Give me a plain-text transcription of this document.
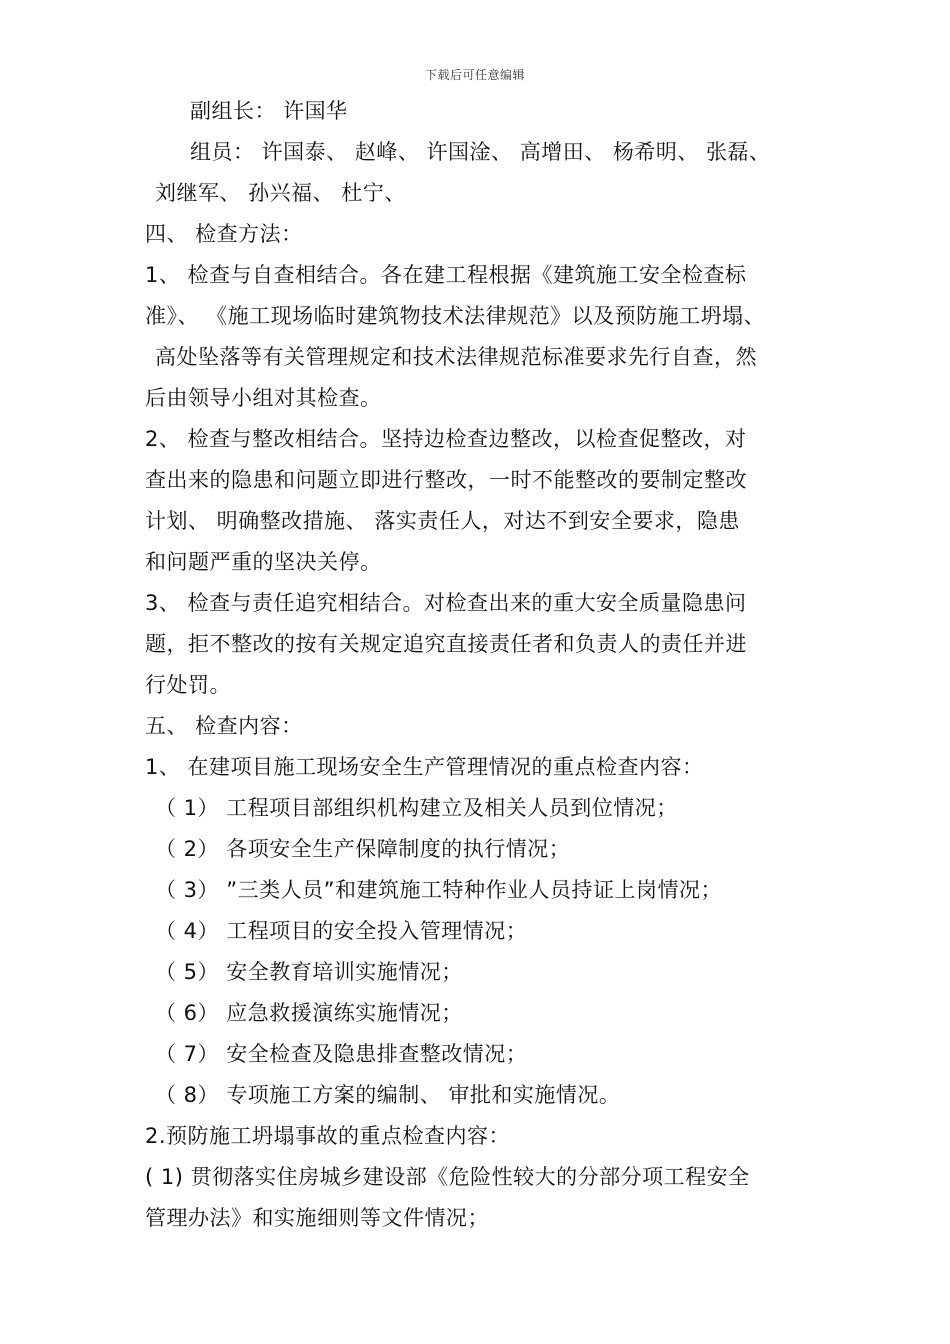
下载后可任意编辑
副组长： 许国华
组员： 许国泰、 赵峰、 许国淦、 高增田、 杨希明、 张磊、
刘继军、 孙兴福、 杜宁、
四、 检查方法：
1、 检查与自查相结合。各在建工程根据《建筑施工安全检查标
准》、 《施工现场临时建筑物技术法律规范》以及预防施工坍塌、
高处坠落等有关管理规定和技术法律规范标准要求先行自查，然
后由领导小组对其检查。
2、 检查与整改相结合。坚持边检查边整改，以检查促整改，对
查出来的隐患和问题立即进行整改，一时不能整改的要制定整改
计划、 明确整改措施、 落实责任人，对达不到安全要求，隐患
和问题严重的坚决关停。
3、 检查与责任追究相结合。对检查出来的重大安全质量隐患问
题，拒不整改的按有关规定追究直接责任者和负责人的责任并进
行处罚。
五、 检查内容：
1、 在建项目施工现场安全生产管理情况的重点检查内容：
（ 1） 工程项目部组织机构建立及相关人员到位情况；
（ 2） 各项安全生产保障制度的执行情况；
（ 3） ”三类人员”和建筑施工特种作业人员持证上岗情况；
（ 4） 工程项目的安全投入管理情况；
（ 5） 安全教育培训实施情况；
（ 6） 应急救援演练实施情况；
（ 7） 安全检查及隐患排查整改情况；
（ 8） 专项施工方案的编制、 审批和实施情况。
2.预防施工坍塌事故的重点检查内容：
( 1) 贯彻落实住房城乡建设部《危险性较大的分部分项工程安全
管理办法》和实施细则等文件情况；
